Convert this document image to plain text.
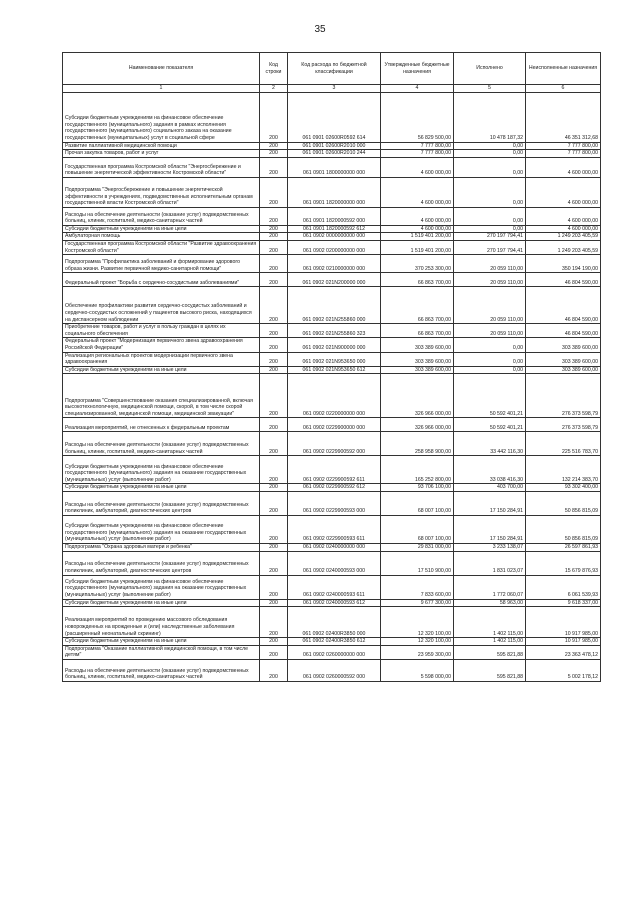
35
Наименование показателя	Код строки	Код расхода по бюджетной классификации	Утвержденные бюджетные назначения	Исполнено	Неисполненные назначения
1	2	3	4	5	6
Субсидии бюджетным учреждениям на финансовое обеспечение государственного (муниципального) задания в рамках исполнения государственного (муниципального) социального заказа на оказание государственных (муниципальных) услуг в социальной сфере	200	061 0901 02600R0592 614	56 829 500,00	10 478 187,32	46 351 312,68
Развитие паллиативной медицинской помощи	200	061 0901 02600R2010 000	7 777 800,00	0,00	7 777 800,00
Прочая закупка товаров, работ и услуг	200	061 0901 02600R2010 244	7 777 800,00	0,00	7 777 800,00
Государственная программа Костромской области "Энергосбережение и повышение энергетической эффективности Костромской области"	200	061 0901 1800000000 000	4 600 000,00	0,00	4 600 000,00
Подпрограмма "Энергосбережение и повышение энергетической эффективности в учреждениях, подведомственных исполнительным органам государственной власти Костромской области"	200	061 0901 1820000000 000	4 600 000,00	0,00	4 600 000,00
Расходы на обеспечение деятельности (оказание услуг) подведомственных больниц, клиник, госпиталей, медико-санитарных частей	200	061 0901 1820000592 000	4 600 000,00	0,00	4 600 000,00
Субсидии бюджетным учреждениям на иные цели	200	061 0901 1820000592 612	4 600 000,00	0,00	4 600 000,00
Амбулаторная помощь	200	061 0902 0000000000 000	1 519 401 200,00	270 197 794,41	1 249 203 405,59
Государственная программа Костромской области "Развитие здравоохранения Костромской области"	200	061 0902 0200000000 000	1 519 401 200,00	270 197 794,41	1 249 203 405,59
Подпрограмма "Профилактика заболеваний и формирование здорового образа жизни. Развитие первичной медико-санитарной помощи"	200	061 0902 0210000000 000	370 253 300,00	20 059 110,00	350 194 190,00
Федеральный проект "Борьба с сердечно-сосудистыми заболеваниями"	200	061 0902 021N200000 000	66 863 700,00	20 059 110,00	46 804 590,00
Обеспечение профилактики развития сердечно-сосудистых заболеваний и сердечно-сосудистых осложнений у пациентов высокого риска, находящихся на диспансерном наблюдении	200	061 0902 021N255860 000	66 863 700,00	20 059 110,00	46 804 590,00
Приобретение товаров, работ и услуг в пользу граждан в целях их социального обеспечения	200	061 0902 021N255860 323	66 863 700,00	20 059 110,00	46 804 590,00
Федеральный проект "Модернизация первичного звена здравоохранения Российской Федерации"	200	061 0902 021N900000 000	303 389 600,00	0,00	303 389 600,00
Реализация региональных проектов модернизации первичного звена здравоохранения	200	061 0902 021N953650 000	303 389 600,00	0,00	303 389 600,00
Субсидии бюджетным учреждениям на иные цели	200	061 0902 021N953650 612	303 389 600,00	0,00	303 389 600,00
Подпрограмма "Совершенствование оказания специализированной, включая высокотехнологичную, медицинской помощи, скорой, в том числе скорой специализированной, медицинской помощи, медицинской эвакуации"	200	061 0902 0220000000 000	326 966 000,00	50 592 401,21	276 373 598,79
Реализация мероприятий, не отнесенных к федеральным проектам	200	061 0902 0229900000 000	326 966 000,00	50 592 401,21	276 373 598,79
Расходы на обеспечение деятельности (оказание услуг) подведомственных больниц, клиник, госпиталей, медико-санитарных частей	200	061 0902 0229900592 000	258 958 900,00	33 442 116,30	225 516 783,70
Субсидии бюджетным учреждениям на финансовое обеспечение государственного (муниципального) задания на оказание государственных (муниципальных) услуг (выполнение работ)	200	061 0902 0229900592 611	165 252 800,00	33 038 416,30	132 214 383,70
Субсидии бюджетным учреждениям на иные цели	200	061 0902 0229900592 612	93 706 100,00	403 700,00	93 302 400,00
Расходы на обеспечение деятельности (оказание услуг) подведомственных поликлиник, амбулаторий, диагностических центров	200	061 0902 0229900593 000	68 007 100,00	17 150 284,91	50 856 815,09
Субсидии бюджетным учреждениям на финансовое обеспечение государственного (муниципального) задания на оказание государственных (муниципальных) услуг (выполнение работ)	200	061 0902 0229900593 611	68 007 100,00	17 150 284,91	50 856 815,09
Подпрограмма "Охрана здоровья матери и ребенка"	200	061 0902 0240000000 000	29 831 000,00	3 233 138,07	26 597 861,93
Расходы на обеспечение деятельности (оказание услуг) подведомственных поликлиник, амбулаторий, диагностических центров	200	061 0902 0240000593 000	17 510 900,00	1 831 023,07	15 679 876,93
Субсидии бюджетным учреждениям на финансовое обеспечение государственного (муниципального) задания на оказание государственных (муниципальных) услуг (выполнение работ)	200	061 0902 0240000593 611	7 833 600,00	1 772 060,07	6 061 539,93
Субсидии бюджетным учреждениям на иные цели	200	061 0902 0240000593 612	9 677 300,00	58 963,00	9 618 337,00
Реализация мероприятий по проведению массового обследования новорожденных на врожденные и (или) наследственные заболевания (расширенный неонатальный скрининг)	200	061 0902 02400R3850 000	12 320 100,00	1 402 115,00	10 917 985,00
Субсидии бюджетным учреждениям на иные цели	200	061 0902 02400R3850 612	12 320 100,00	1 402 115,00	10 917 985,00
Подпрограмма "Оказание паллиативной медицинской помощи, в том числе детям"	200	061 0902 0260000000 000	23 959 300,00	595 821,88	23 363 478,12
Расходы на обеспечение деятельности (оказание услуг) подведомственных больниц, клиник, госпиталей, медико-санитарных частей	200	061 0902 0260000592 000	5 598 000,00	595 821,88	5 002 178,12
